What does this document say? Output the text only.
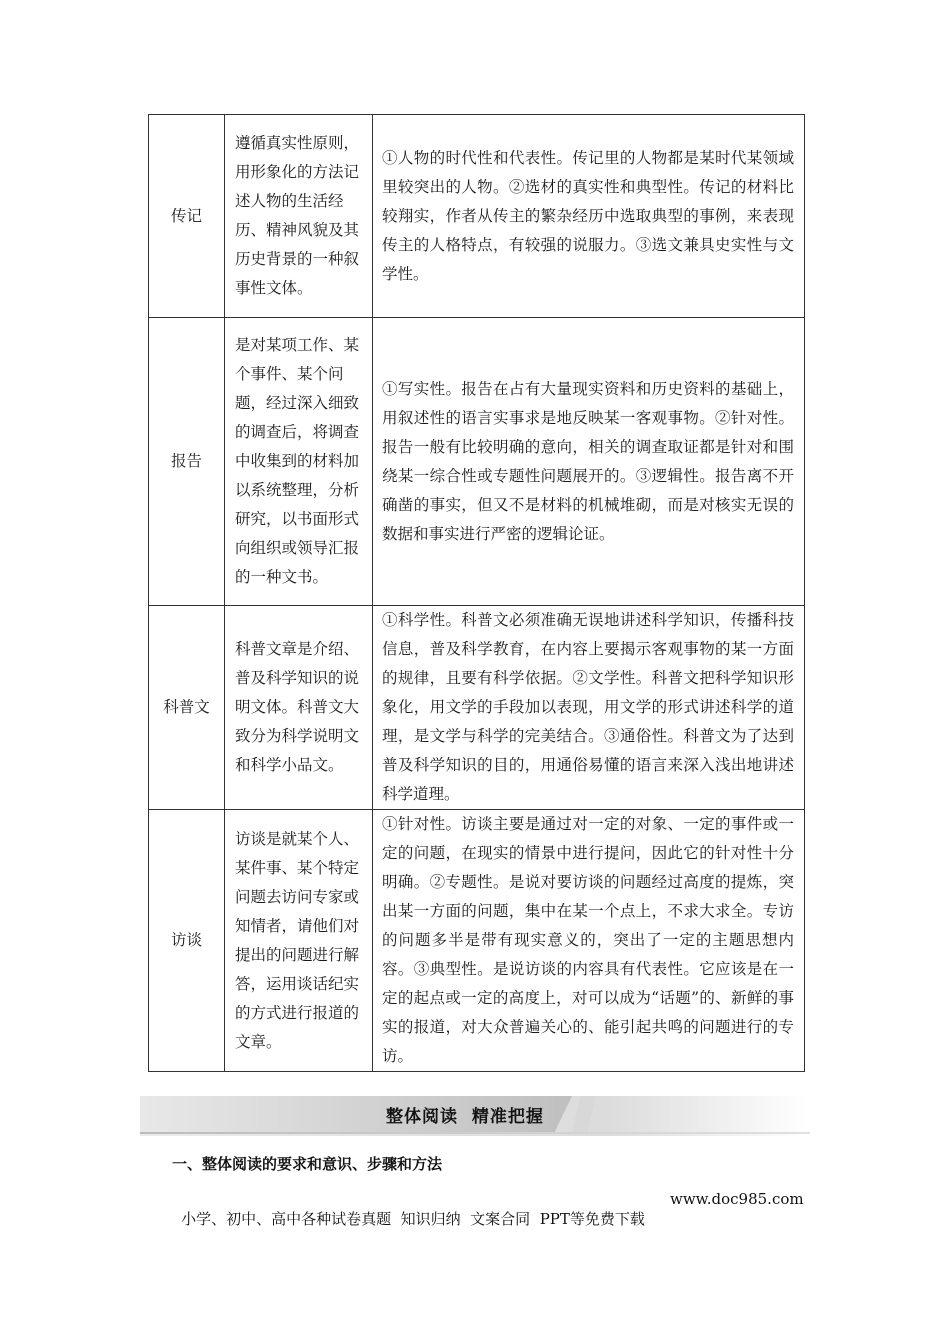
传记	遵循真实性原则，用形象化的方法记述人物的生活经历、精神风貌及其历史背景的一种叙事性文体。	①人物的时代性和代表性。传记里的人物都是某时代某领域里较突出的人物。②选材的真实性和典型性。传记的材料比较翔实，作者从传主的繁杂经历中选取典型的事例，来表现传主的人格特点，有较强的说服力。③选文兼具史实性与文学性。

报告	是对某项工作、某个事件、某个问题，经过深入细致的调查后，将调查中收集到的材料加以系统整理，分析研究，以书面形式向组织或领导汇报的一种文书。	①写实性。报告在占有大量现实资料和历史资料的基础上，用叙述性的语言实事求是地反映某一客观事物。②针对性。报告一般有比较明确的意向，相关的调查取证都是针对和围绕某一综合性或专题性问题展开的。③逻辑性。报告离不开确凿的事实，但又不是材料的机械堆砌，而是对核实无误的数据和事实进行严密的逻辑论证。

科普文	科普文章是介绍、普及科学知识的说明文体。科普文大致分为科学说明文和科学小品文。	①科学性。科普文必须准确无误地讲述科学知识，传播科技信息，普及科学教育，在内容上要揭示客观事物的某一方面的规律，且要有科学依据。②文学性。科普文把科学知识形象化，用文学的手段加以表现，用文学的形式讲述科学的道理，是文学与科学的完美结合。③通俗性。科普文为了达到普及科学知识的目的，用通俗易懂的语言来深入浅出地讲述科学道理。

访谈	访谈是就某个人、某件事、某个特定问题去访问专家或知情者，请他们对提出的问题进行解答，运用谈话纪实的方式进行报道的文章。	①针对性。访谈主要是通过对一定的对象、一定的事件或一定的问题，在现实的情景中进行提问，因此它的针对性十分明确。②专题性。是说对要访谈的问题经过高度的提炼，突出某一方面的问题，集中在某一个点上，不求大求全。专访的问题多半是带有现实意义的，突出了一定的主题思想内容。③典型性。是说访谈的内容具有代表性。它应该是在一定的起点或一定的高度上，对可以成为“话题”的、新鲜的事实的报道，对大众普遍关心的、能引起共鸣的问题进行的专访。
整体阅读  精准把握
一、整体阅读的要求和意识、步骤和方法

小学、初中、高中各种试卷真题  知识归纳  文案合同  PPT等免费下载

www.doc985.com
